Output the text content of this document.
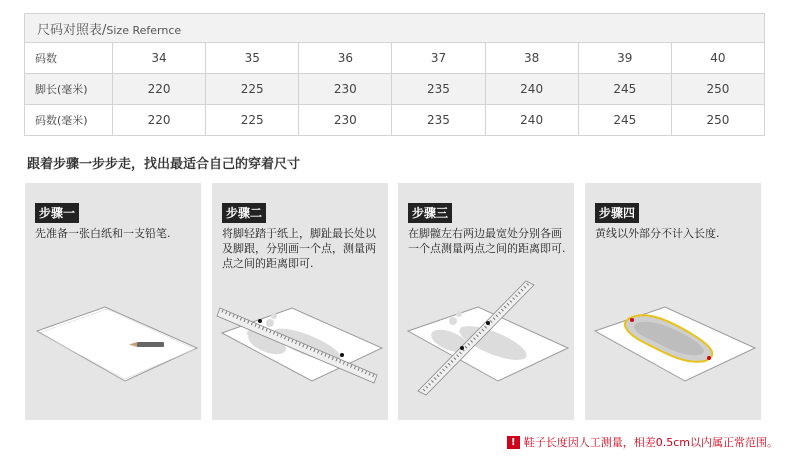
尺码对照表/Size Refernce							
码数	34	35	36	37	38	39	40
脚长(毫米)	220	225	230	235	240	245	250
码数(毫米)	220	225	230	235	240	245	250
跟着步骤一步步走，找出最适合自己的穿着尺寸
步骤一
先准备一张白纸和一支铅笔.
步骤二
将脚轻踏于纸上，脚趾最长处以及脚跟，分别画一个点，测量两点之间的距离即可.
步骤三
在脚髋左右两边最宽处分别各画一个点测量两点之间的距离即可.
步骤四
黄线以外部分不计入长度.
! 鞋子长度因人工测量，相差0.5cm以内属正常范围。
